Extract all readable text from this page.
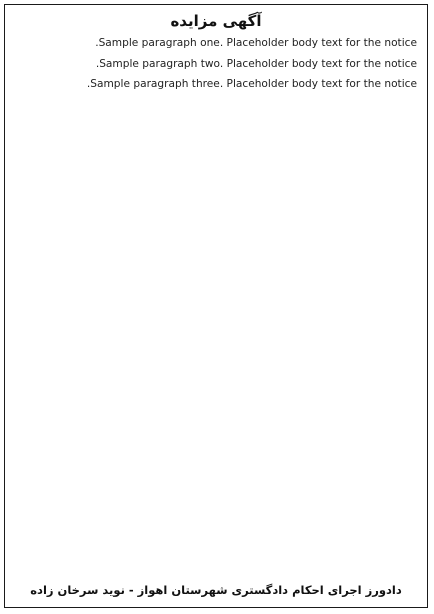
آگهی مزایده

Sample paragraph one. Placeholder body text for the notice.

Sample paragraph two. Placeholder body text for the notice.

Sample paragraph three. Placeholder body text for the notice.

دادورز اجرای احکام دادگستری شهرستان اهواز - نوید سرخان زاده
